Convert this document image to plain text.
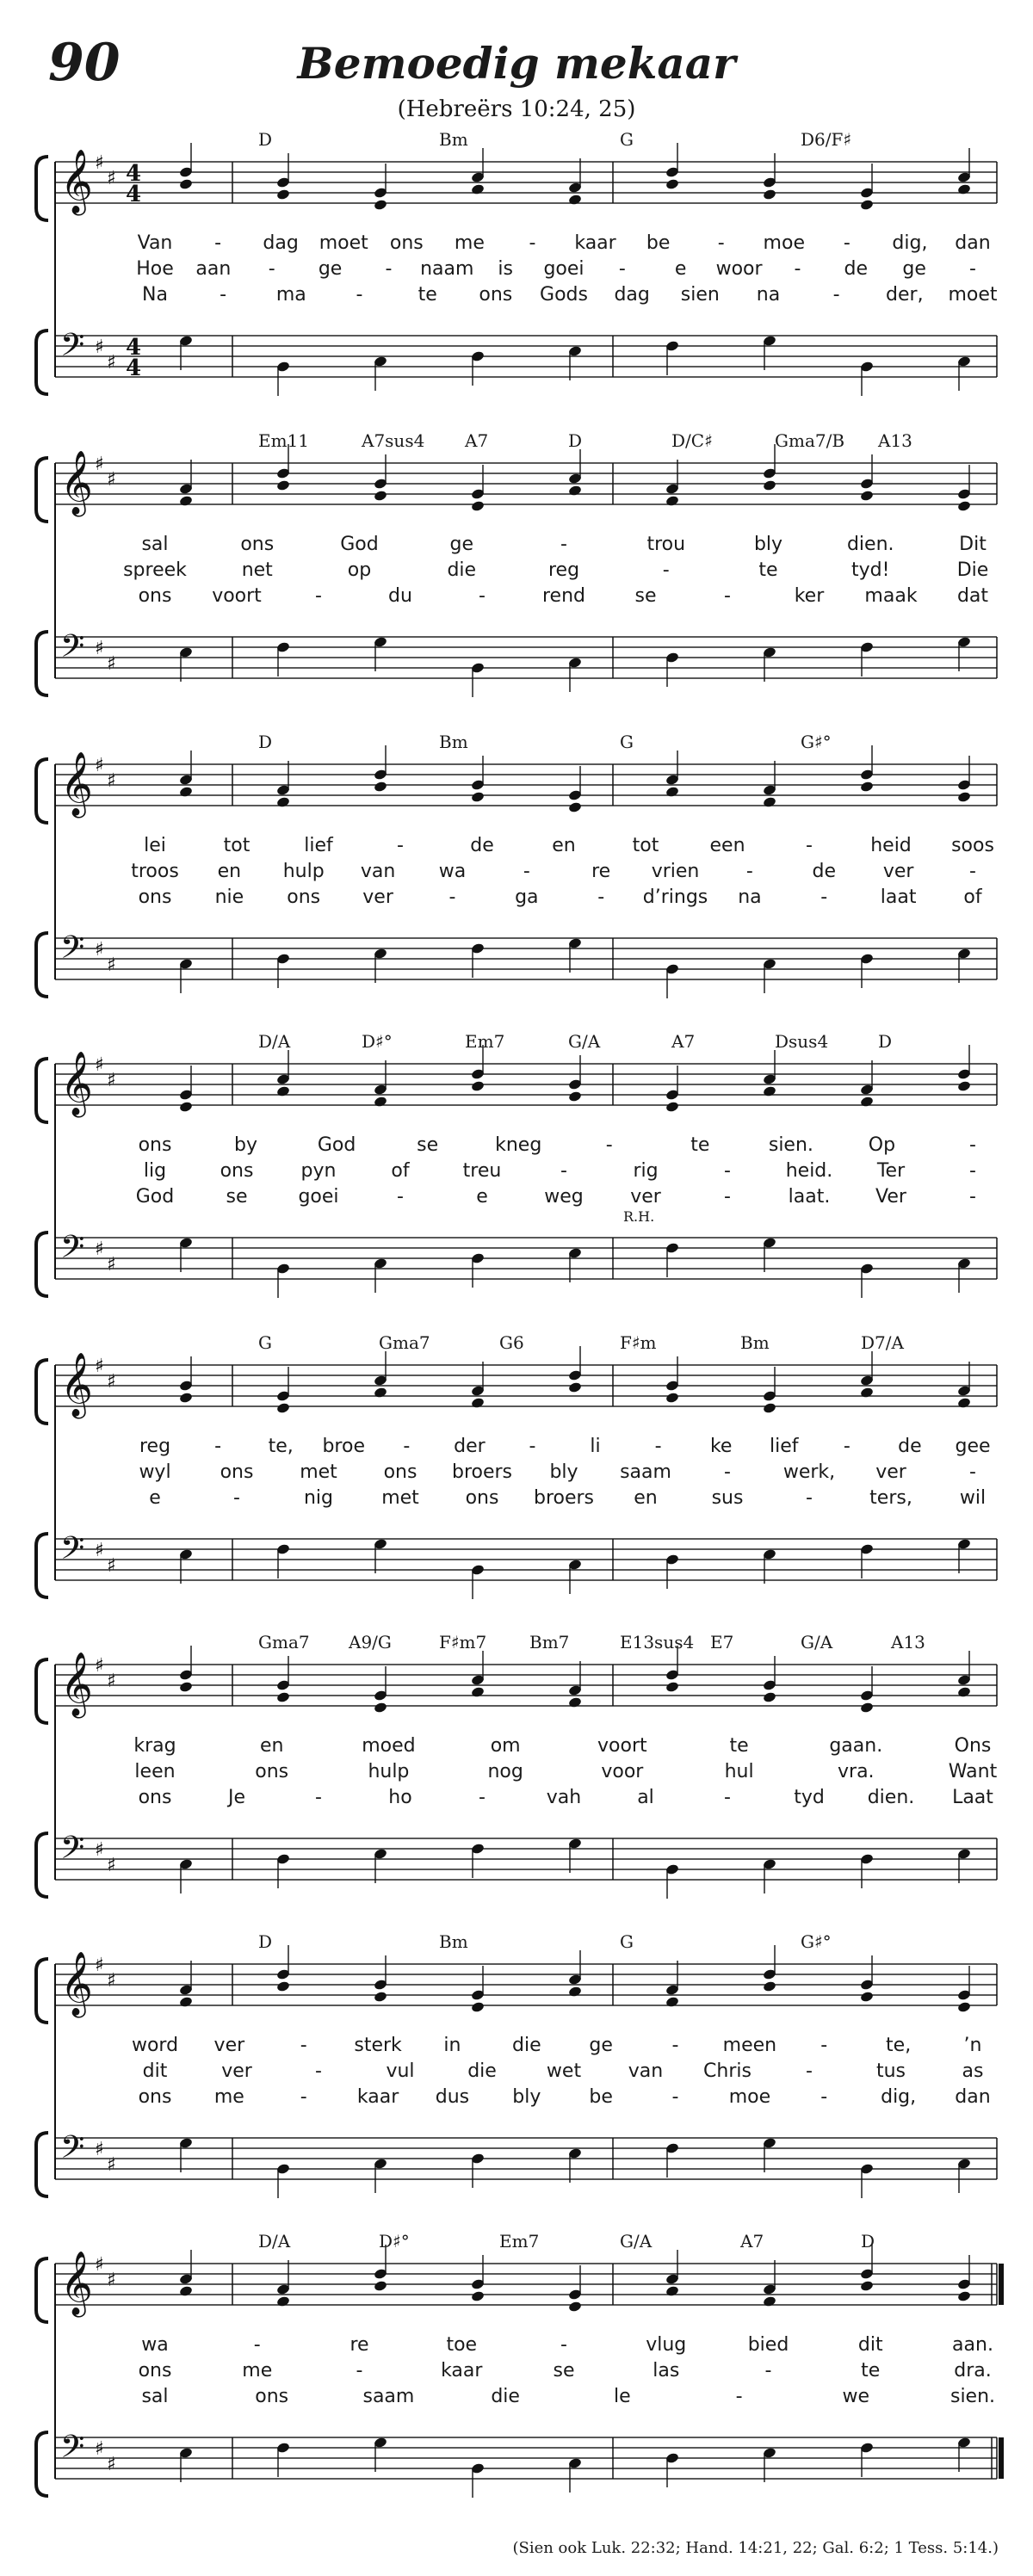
90	Bemoedig mekaar
(Hebreërs 10:24, 25)
𝄞 ♯
♯ 4
4
𝄢 ♯
♯
4
4
D	Bm	G	D6/F♯
Van - dag moet ons me - kaar be	- moe - dig, dan
Hoe aan - ge - naam is goei -	e woor - de ge -
Na	-	ma	-	te ons Gods dag sien na	- der, moet
𝄞 ♯
♯
𝄢 ♯
♯
Em11	A7sus4 A7	D	D/C♯	Gma7/B A13
sal	ons	God	ge	-	trou	bly	dien.	Dit
spreek	net	op	die	reg	-	te	tyd!	Die
ons voort	-	du	-	rend	se	-	ker maak dat
𝄞 ♯
♯
𝄢 ♯
♯
D	Bm	G	G♯°
lei	tot	lief	-	de	en	tot	een	-	heid soos
troos en hulp van wa	-	re vrien -	de ver	-
ons nie ons ver	-	ga	- d’rings na	-	laat of
𝄞 ♯
♯
𝄢 ♯
♯
D/A	D♯°	Em7	G/A	A7	Dsus4	D
R.H.
ons	by	God	se	kneg	-	te	sien.	Op	-
lig	ons	pyn	of	treu	-	rig	-	heid. Ter	-
God	se	goei	-	e	weg ver	-	laat. Ver	-
𝄞 ♯
♯
𝄢 ♯
♯
G	Gma7	G6	F♯m	Bm	D7/A
reg - te, broe - der -	li	-	ke lief -	de gee
wyl	ons met ons broers bly saam	-	werk, ver	-
e	-	nig	met ons broers en	sus	-	ters,	wil
𝄞 ♯
♯
𝄢 ♯
♯
Gma7 A9/G	F♯m7 Bm7	E13sus4 E7	G/A	A13
krag	en	moed	om	voort	te	gaan.	Ons
leen	ons	hulp	nog	voor	hul	vra.	Want
ons	Je	-	ho	-	vah	al	-	tyd dien. Laat
𝄞 ♯
♯
𝄢 ♯
♯
D	Bm	G	G♯°
word ver	- sterk in	die	ge	- meen -	te,	’n
dit	ver	-	vul	die	wet van Chris	-	tus	as
ons me	-	kaar dus bly	be	-	moe	-	dig, dan
𝄞 ♯
♯
𝄢 ♯
♯
D/A	D♯°	Em7	G/A	A7	D
wa	-	re	toe	-	vlug	bied	dit	aan.
ons	me	-	kaar	se	las	-	te	dra.
sal	ons	saam	die	le	-	we	sien.
(Sien ook Luk. 22:32; Hand. 14:21, 22; Gal. 6:2; 1 Tess. 5:14.)
